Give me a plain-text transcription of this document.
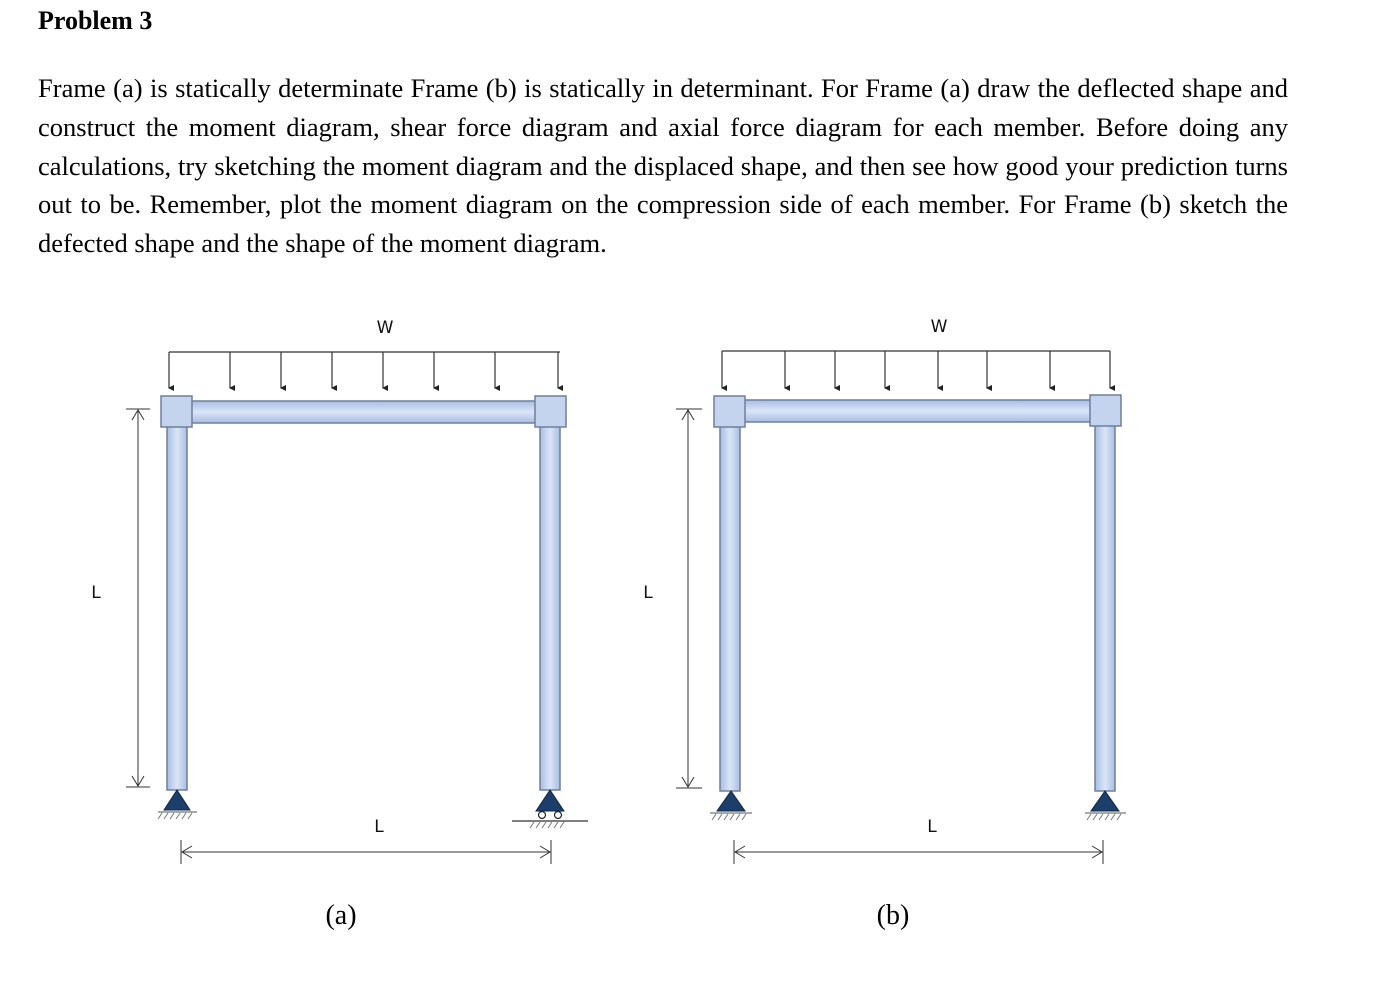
Problem 3

Frame (a) is statically determinate Frame (b) is statically in determinant. For Frame (a) draw the deflected shape and construct the moment diagram, shear force diagram and axial force diagram for each member. Before doing any calculations, try sketching the moment diagram and the displaced shape, and then see how good your prediction turns out to be. Remember, plot the moment diagram on the compression side of each member. For Frame (b) sketch the defected shape and the shape of the moment diagram.

W
L
L
(a)
W
L
L
(b)
